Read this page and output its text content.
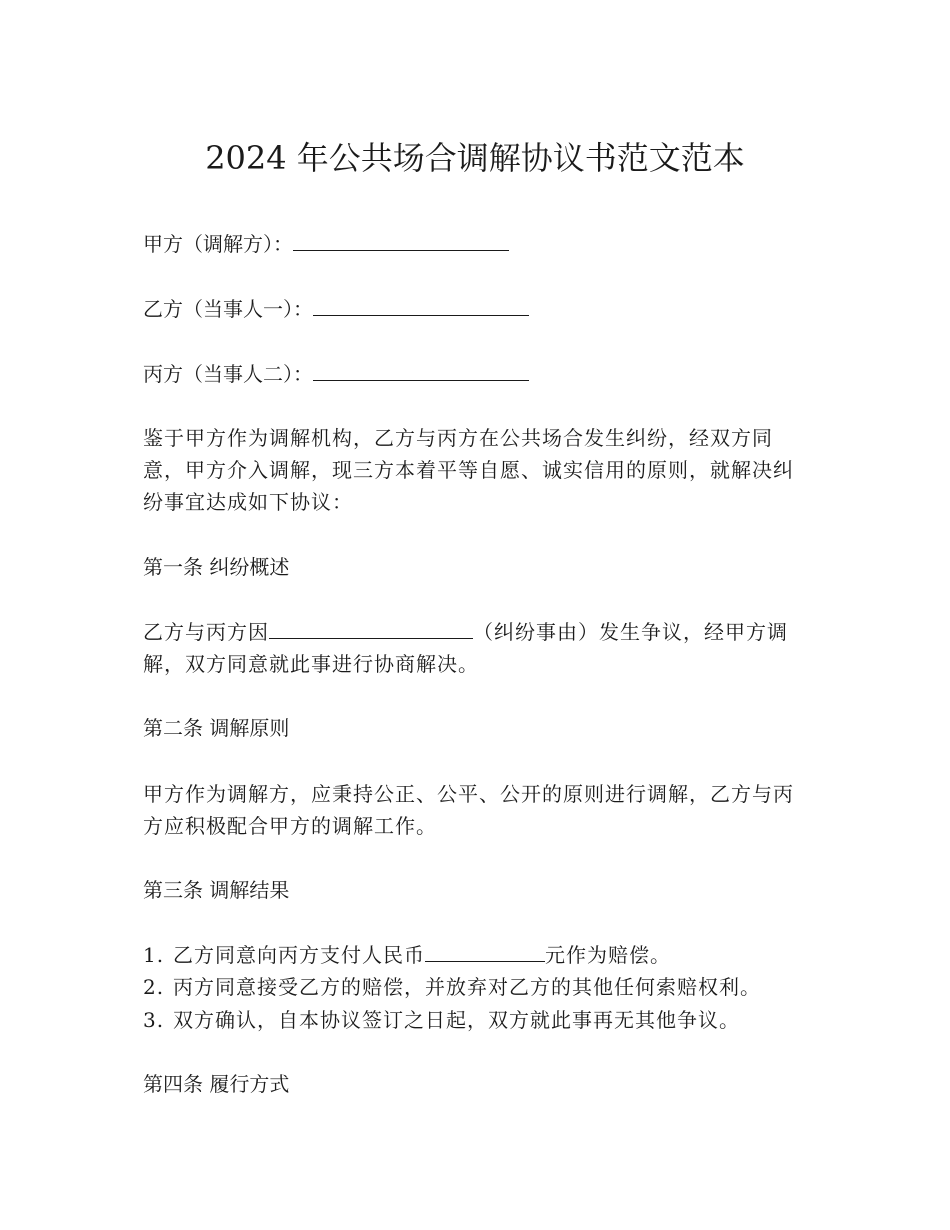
2024 年公共场合调解协议书范文范本

甲方（调解方）：

乙方（当事人一）：

丙方（当事人二）：

鉴于甲方作为调解机构，乙方与丙方在公共场合发生纠纷，经双方同意，甲方介入调解，现三方本着平等自愿、诚实信用的原则，就解决纠纷事宜达成如下协议：

第一条 纠纷概述

乙方与丙方因	（纠纷事由）发生争议，经甲方调解，双方同意就此事进行协商解决。

第二条 调解原则

甲方作为调解方，应秉持公正、公平、公开的原则进行调解，乙方与丙方应积极配合甲方的调解工作。

第三条 调解结果

1. 乙方同意向丙方支付人民币	元作为赔偿。

2. 丙方同意接受乙方的赔偿，并放弃对乙方的其他任何索赔权利。

3. 双方确认，自本协议签订之日起，双方就此事再无其他争议。

第四条 履行方式
